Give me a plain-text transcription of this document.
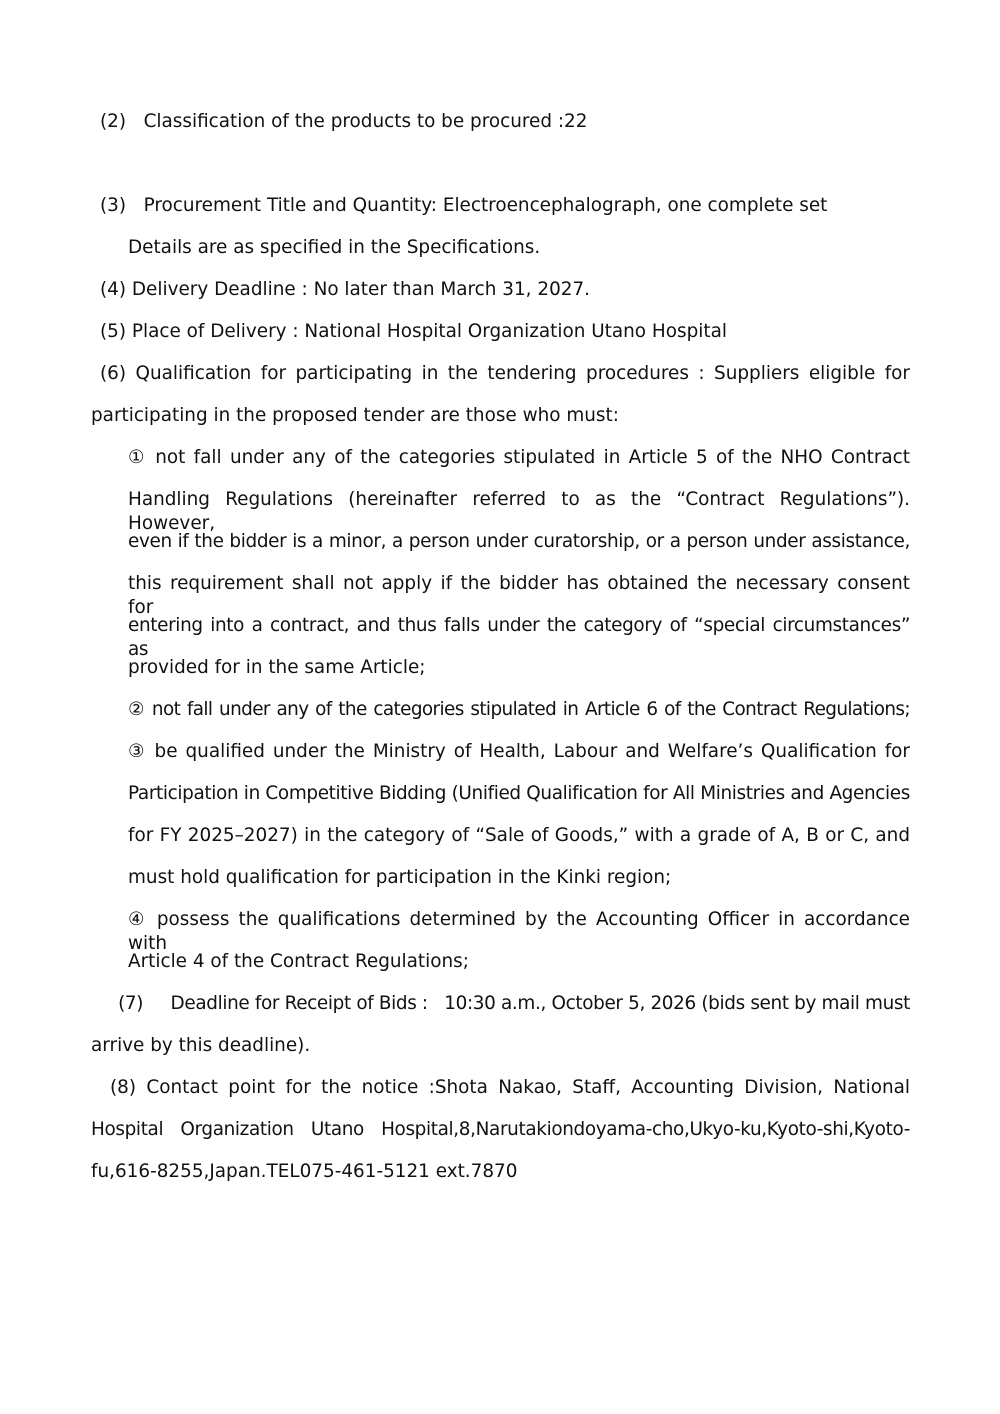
(2)   Classification of the products to be procured :22
(3)   Procurement Title and Quantity: Electroencephalograph, one complete set
Details are as specified in the Specifications.
(4) Delivery Deadline : No later than March 31, 2027.
(5) Place of Delivery : National Hospital Organization Utano Hospital
(6) Qualification for participating in the tendering procedures : Suppliers eligible for
participating in the proposed tender are those who must:
① not fall under any of the categories stipulated in Article 5 of the NHO Contract
Handling Regulations (hereinafter referred to as the “Contract Regulations”). However,
even if the bidder is a minor, a person under curatorship, or a person under assistance,
this requirement shall not apply if the bidder has obtained the necessary consent for
entering into a contract, and thus falls under the category of “special circumstances” as
provided for in the same Article;
② not fall under any of the categories stipulated in Article 6 of the Contract Regulations;
③ be qualified under the Ministry of Health, Labour and Welfare’s Qualification for
Participation in Competitive Bidding (Unified Qualification for All Ministries and Agencies
for FY 2025–2027) in the category of “Sale of Goods,” with a grade of A, B or C, and
must hold qualification for participation in the Kinki region;
④ possess the qualifications determined by the Accounting Officer in accordance with
Article 4 of the Contract Regulations;
(7)     Deadline for Receipt of Bids :   10:30 a.m., October 5, 2026 (bids sent by mail must
arrive by this deadline).
(8) Contact point for the notice :Shota Nakao, Staff, Accounting Division, National
Hospital Organization Utano Hospital,8,Narutakiondoyama-cho,Ukyo-ku,Kyoto-shi,Kyoto-
fu,616-8255,Japan.TEL075-461-5121 ext.7870
